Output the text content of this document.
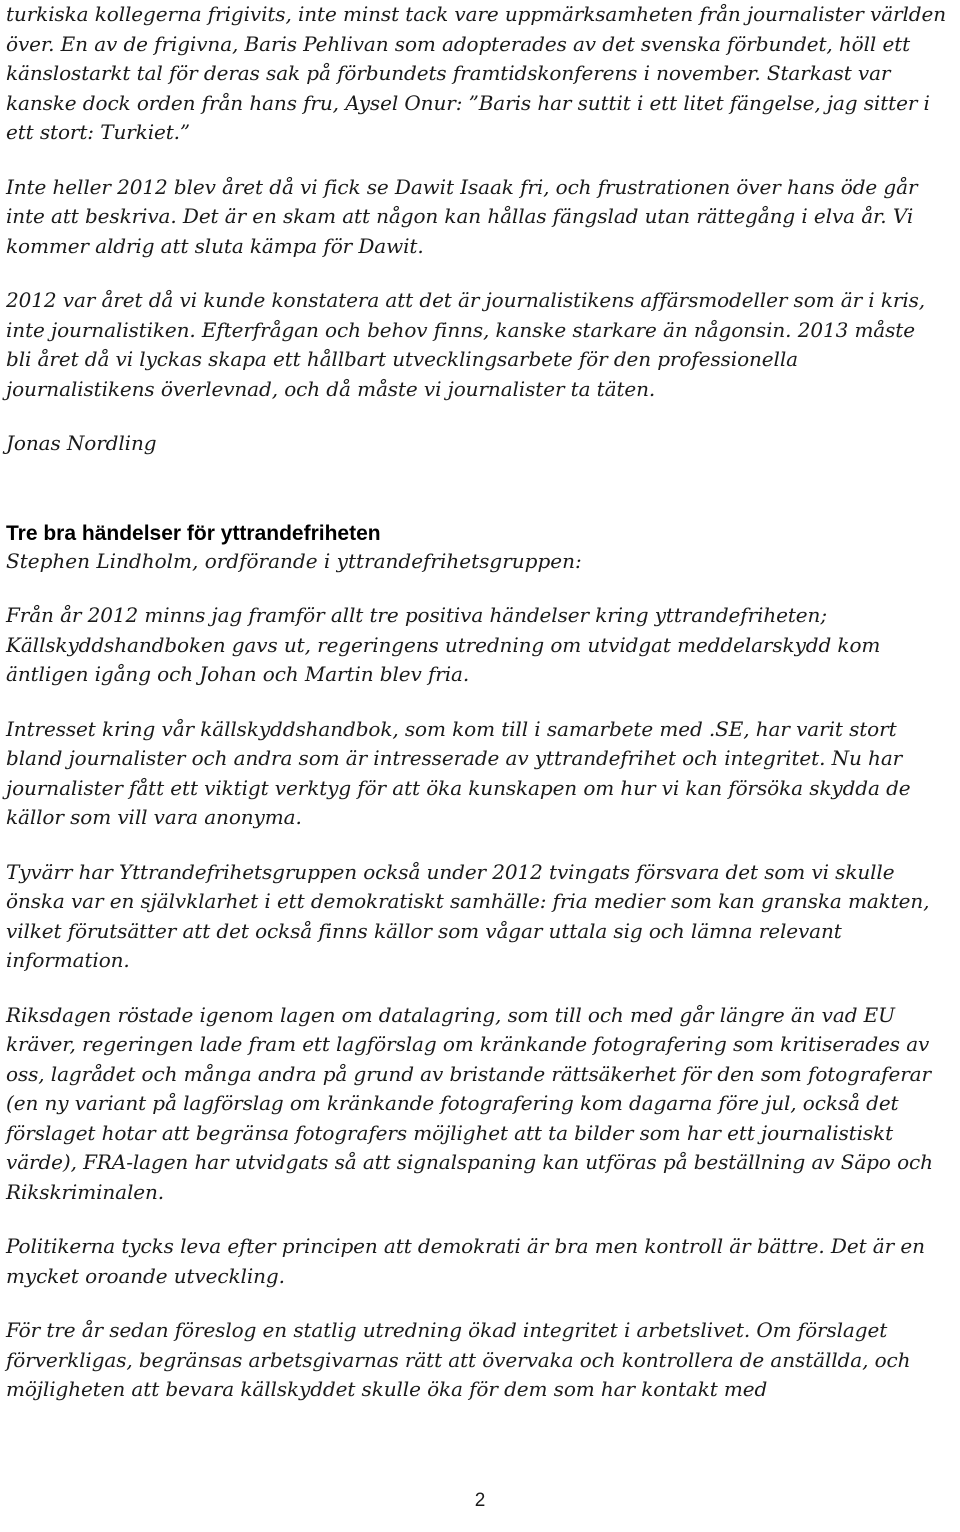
turkiska kollegerna frigivits, inte minst tack vare uppmärksamheten från journalister världen över. En av de frigivna, Baris Pehlivan som adopterades av det svenska förbundet, höll ett känslostarkt tal för deras sak på förbundets framtidskonferens i november. Starkast var kanske dock orden från hans fru, Aysel Onur: ”Baris har suttit i ett litet fängelse, jag sitter i ett stort: Turkiet.”

Inte heller 2012 blev året då vi fick se Dawit Isaak fri, och frustrationen över hans öde går inte att beskriva. Det är en skam att någon kan hållas fängslad utan rättegång i elva år. Vi kommer aldrig att sluta kämpa för Dawit.

2012 var året då vi kunde konstatera att det är journalistikens affärsmodeller som är i kris, inte journalistiken. Efterfrågan och behov finns, kanske starkare än någonsin. 2013 måste bli året då vi lyckas skapa ett hållbart utvecklingsarbete för den professionella journalistikens överlevnad, och då måste vi journalister ta täten.

Jonas Nordling

Tre bra händelser för yttrandefriheten

Stephen Lindholm, ordförande i yttrandefrihetsgruppen:

Från år 2012 minns jag framför allt tre positiva händelser kring yttrandefriheten; Källskyddshandboken gavs ut, regeringens utredning om utvidgat meddelarskydd kom äntligen igång och Johan och Martin blev fria.

Intresset kring vår källskyddshandbok, som kom till i samarbete med .SE, har varit stort bland journalister och andra som är intresserade av yttrandefrihet och integritet. Nu har journalister fått ett viktigt verktyg för att öka kunskapen om hur vi kan försöka skydda de källor som vill vara anonyma.

Tyvärr har Yttrandefrihetsgruppen också under 2012 tvingats försvara det som vi skulle önska var en självklarhet i ett demokratiskt samhälle: fria medier som kan granska makten, vilket förutsätter att det också finns källor som vågar uttala sig och lämna relevant information.

Riksdagen röstade igenom lagen om datalagring, som till och med går längre än vad EU kräver, regeringen lade fram ett lagförslag om kränkande fotografering som kritiserades av oss, lagrådet och många andra på grund av bristande rättsäkerhet för den som fotograferar (en ny variant på lagförslag om kränkande fotografering kom dagarna före jul, också det förslaget hotar att begränsa fotografers möjlighet att ta bilder som har ett journalistiskt värde), FRA-lagen har utvidgats så att signalspaning kan utföras på beställning av Säpo och Rikskriminalen.

Politikerna tycks leva efter principen att demokrati är bra men kontroll är bättre. Det är en mycket oroande utveckling.

För tre år sedan föreslog en statlig utredning ökad integritet i arbetslivet. Om förslaget förverkligas, begränsas arbetsgivarnas rätt att övervaka och kontrollera de anställda, och möjligheten att bevara källskyddet skulle öka för dem som har kontakt med

2
